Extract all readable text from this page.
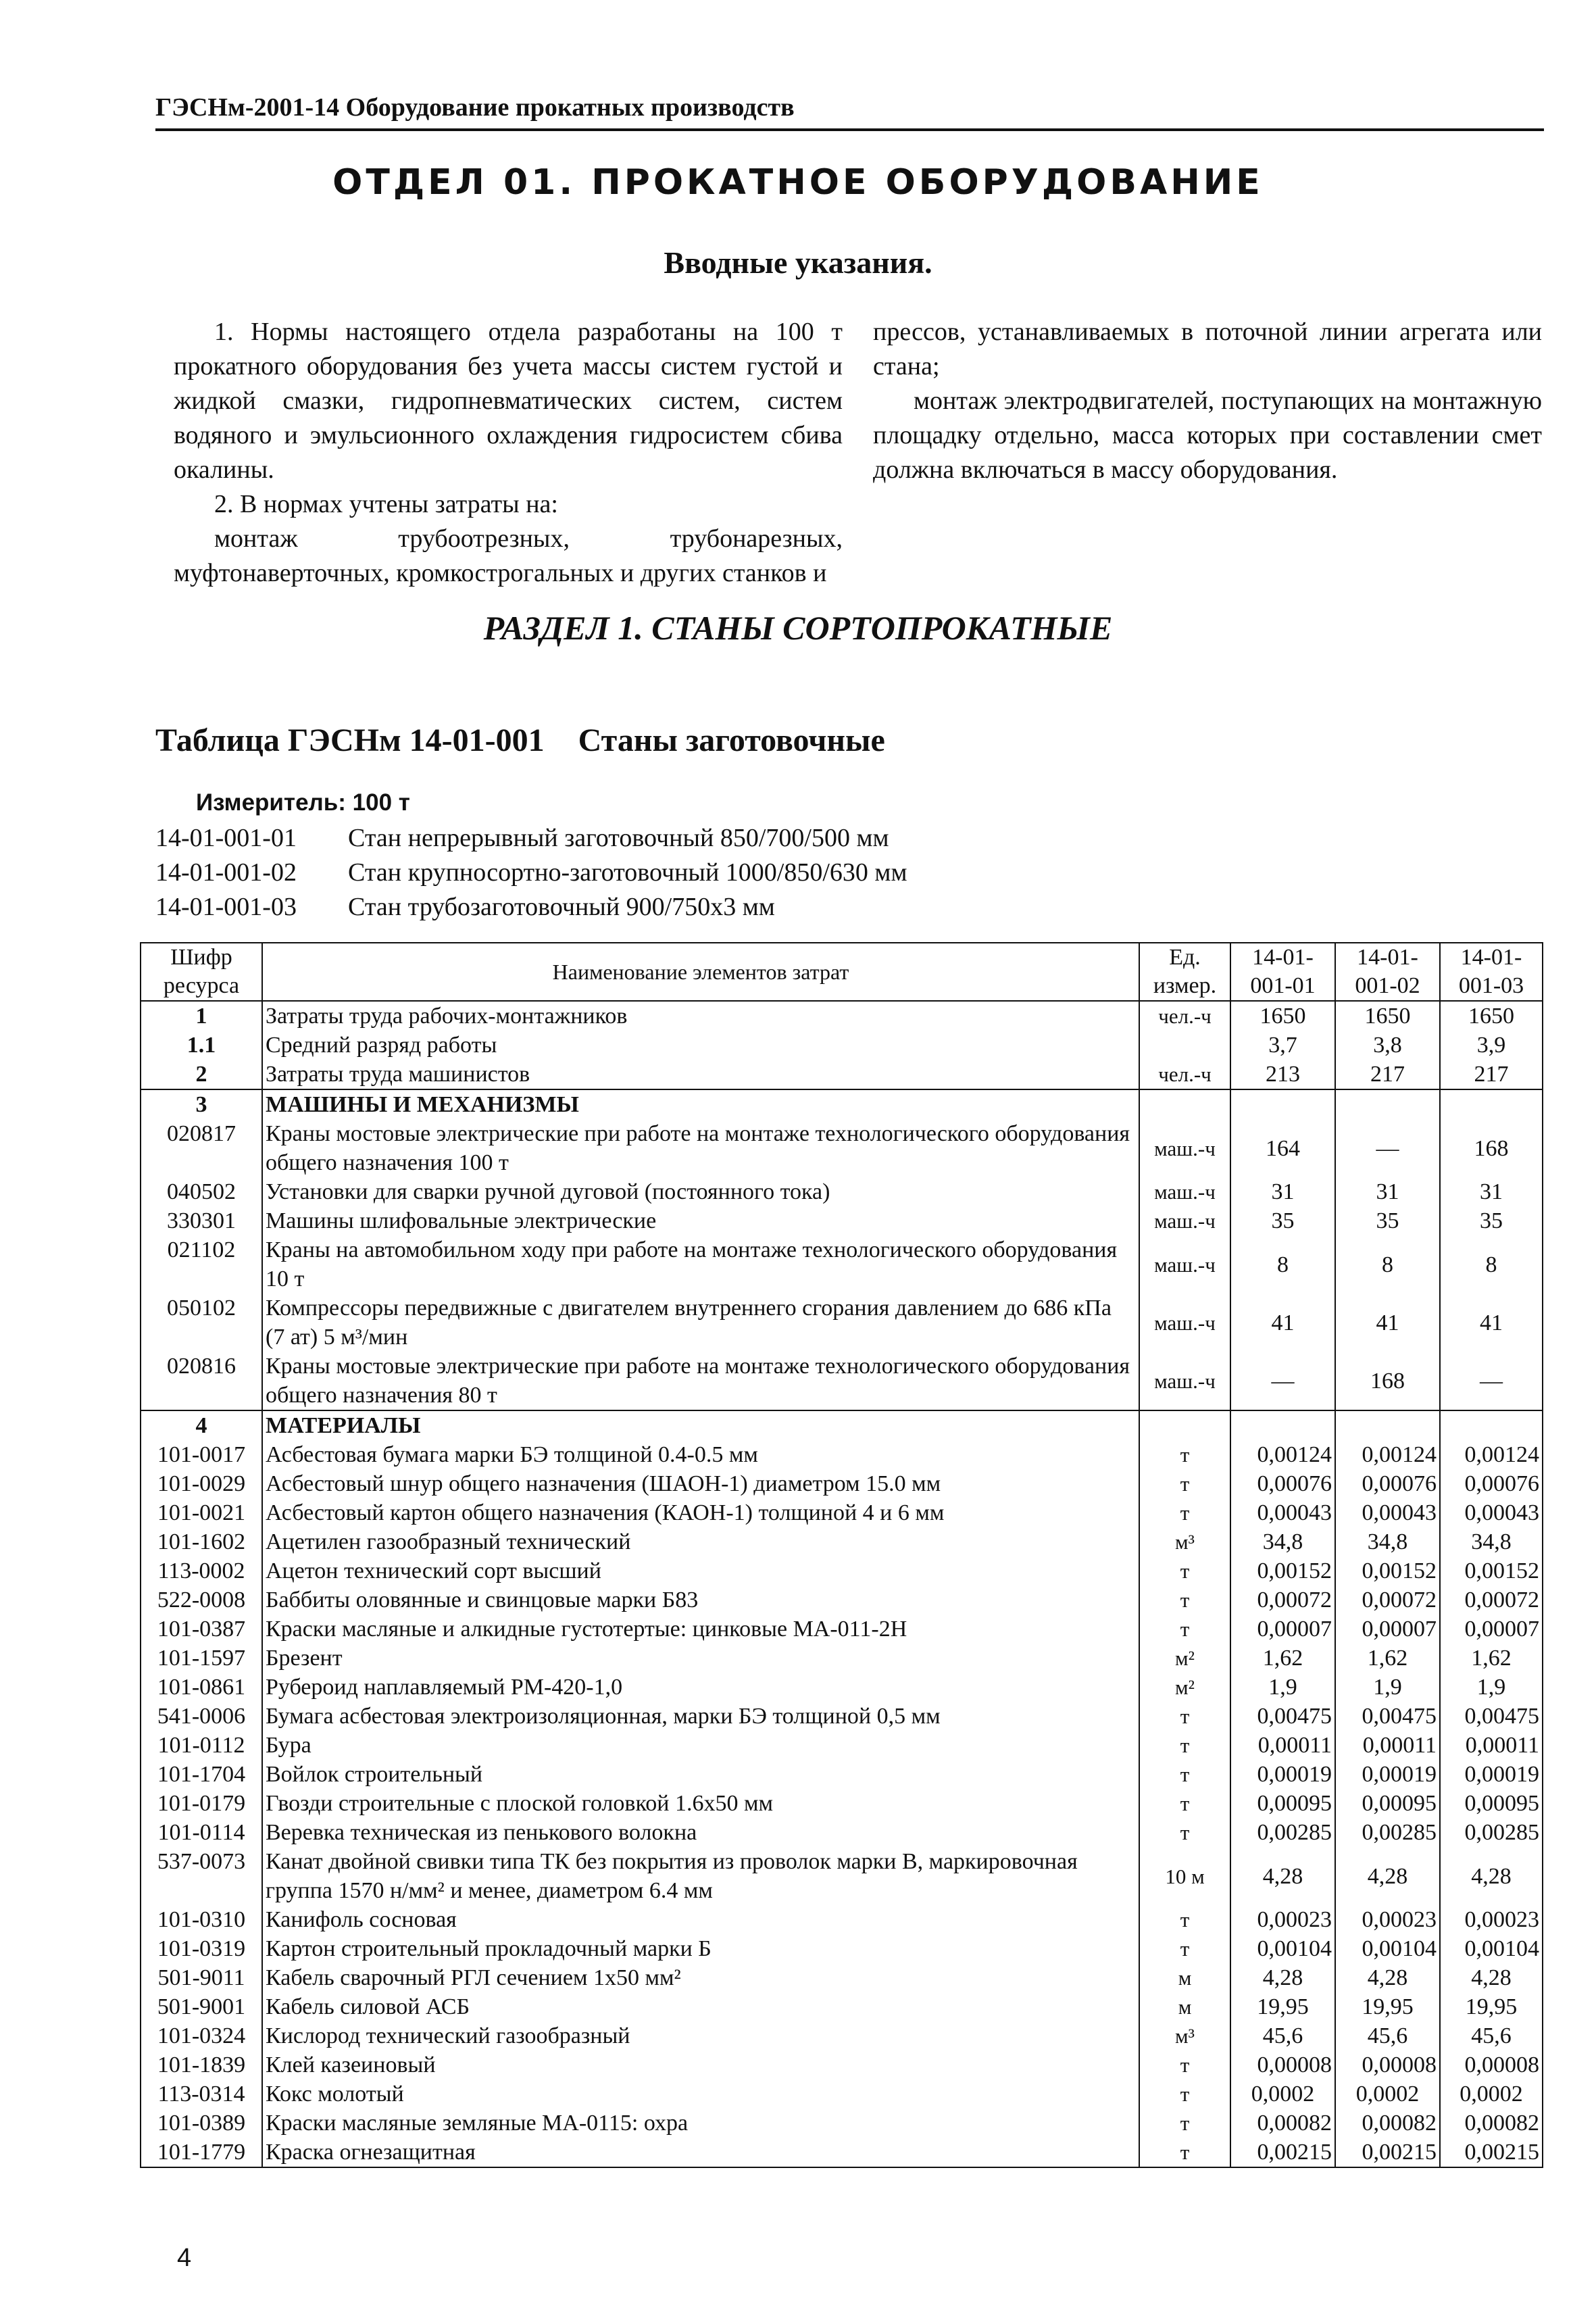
ГЭСНм-2001-14 Оборудование прокатных производств
ОТДЕЛ 01. ПРОКАТНОЕ ОБОРУДОВАНИЕ
Вводные указания.

1. Нормы настоящего отдела разработаны на 100 т прокатного оборудования без учета массы систем густой и жидкой смазки, гидропневматических систем, систем водяного и эмульсионного охлаждения гидросистем сбива окалины.

2. В нормах учтены затраты на:

монтаж трубоотрезных, трубонарезных, муфтонаверточных, кромкострогальных и других станков и

прессов, устанавливаемых в поточной линии агрегата или стана;

монтаж электродвигателей, поступающих на монтажную площадку отдельно, масса которых при составлении смет должна включаться в массу оборудования.

РАЗДЕЛ 1. СТАНЫ СОРТОПРОКАТНЫЕ
Таблица ГЭСНм 14-01-001 Станы заготовочные
Измеритель: 100 т
14-01-001-01 Стан непрерывный заготовочный 850/700/500 мм
14-01-001-02 Стан крупносортно-заготовочный 1000/850/630 мм
14-01-001-03 Стан трубозаготовочный 900/750х3 мм
Шифр ресурса	Наименование элементов затрат	Ед. измер.	14-01-001-01	14-01-001-02	14-01-001-03
1	Затраты труда рабочих-монтажников	чел.-ч	1650	1650	1650
1.1	Средний разряд работы		3,7	3,8	3,9
2	Затраты труда машинистов	чел.-ч	213	217	217
3	МАШИНЫ И МЕХАНИЗМЫ				
020817	Краны мостовые электрические при работе на монтаже технологического оборудования общего назначения 100 т	маш.-ч	164	—	168
040502	Установки для сварки ручной дуговой (постоянного тока)	маш.-ч	31	31	31
330301	Машины шлифовальные электрические	маш.-ч	35	35	35
021102	Краны на автомобильном ходу при работе на монтаже технологического оборудования 10 т	маш.-ч	8	8	8
050102	Компрессоры передвижные с двигателем внутреннего сгорания давлением до 686 кПа (7 ат) 5 м³/мин	маш.-ч	41	41	41
020816	Краны мостовые электрические при работе на монтаже технологического оборудования общего назначения 80 т	маш.-ч	—	168	—
4	МАТЕРИАЛЫ				
101-0017	Асбестовая бумага марки БЭ толщиной 0.4-0.5 мм	т	0,00124	0,00124	0,00124
101-0029	Асбестовый шнур общего назначения (ШАОН-1) диаметром 15.0 мм	т	0,00076	0,00076	0,00076
101-0021	Асбестовый картон общего назначения (КАОН-1) толщиной 4 и 6 мм	т	0,00043	0,00043	0,00043
101-1602	Ацетилен газообразный технический	м³	34,8	34,8	34,8
113-0002	Ацетон технический сорт высший	т	0,00152	0,00152	0,00152
522-0008	Баббиты оловянные и свинцовые марки Б83	т	0,00072	0,00072	0,00072
101-0387	Краски масляные и алкидные густотертые: цинковые МА-011-2Н	т	0,00007	0,00007	0,00007
101-1597	Брезент	м²	1,62	1,62	1,62
101-0861	Рубероид наплавляемый РМ-420-1,0	м²	1,9	1,9	1,9
541-0006	Бумага асбестовая электроизоляционная, марки БЭ толщиной 0,5 мм	т	0,00475	0,00475	0,00475
101-0112	Бура	т	0,00011	0,00011	0,00011
101-1704	Войлок строительный	т	0,00019	0,00019	0,00019
101-0179	Гвозди строительные с плоской головкой 1.6х50 мм	т	0,00095	0,00095	0,00095
101-0114	Веревка техническая из пенькового волокна	т	0,00285	0,00285	0,00285
537-0073	Канат двойной свивки типа ТК без покрытия из проволок марки В, маркировочная группа 1570 н/мм² и менее, диаметром 6.4 мм	10 м	4,28	4,28	4,28
101-0310	Канифоль сосновая	т	0,00023	0,00023	0,00023
101-0319	Картон строительный прокладочный марки Б	т	0,00104	0,00104	0,00104
501-9011	Кабель сварочный РГЛ сечением 1х50 мм²	м	4,28	4,28	4,28
501-9001	Кабель силовой АСБ	м	19,95	19,95	19,95
101-0324	Кислород технический газообразный	м³	45,6	45,6	45,6
101-1839	Клей казеиновый	т	0,00008	0,00008	0,00008
113-0314	Кокс молотый	т	0,0002	0,0002	0,0002
101-0389	Краски масляные земляные МА-0115: охра	т	0,00082	0,00082	0,00082
101-1779	Краска огнезащитная	т	0,00215	0,00215	0,00215
4
